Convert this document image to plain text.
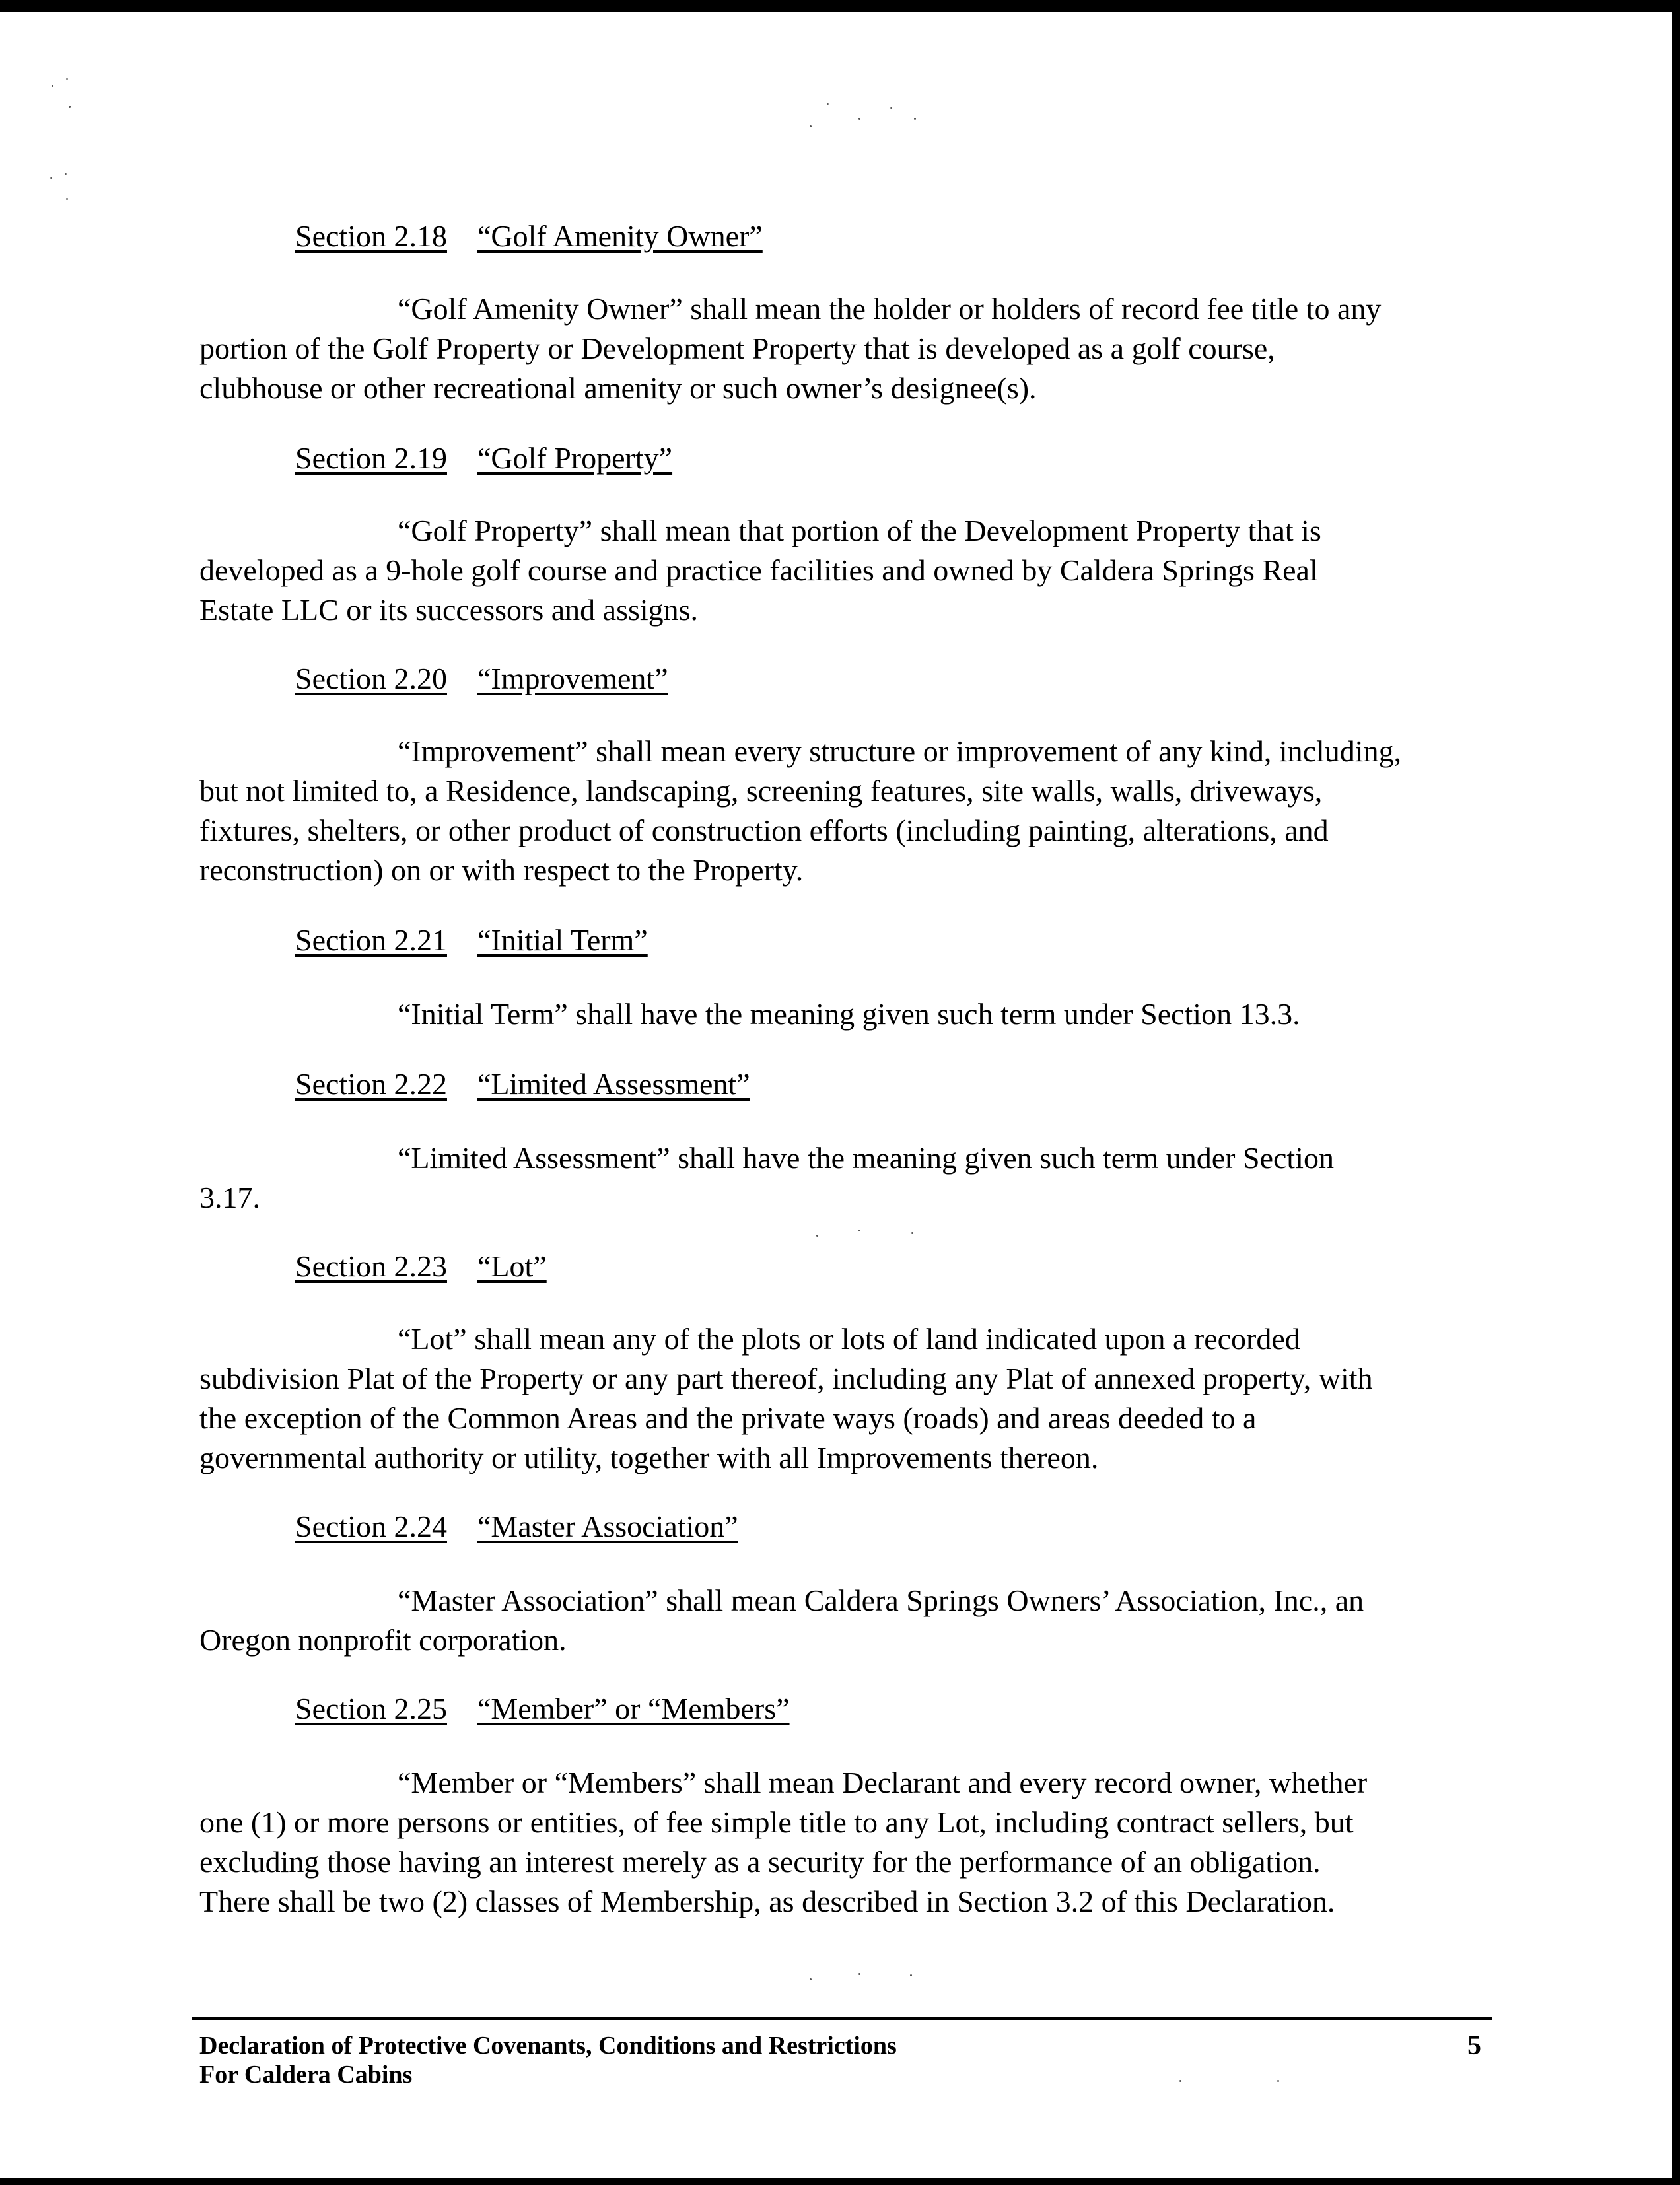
Section 2.18 “Golf Amenity Owner”
“Golf Amenity Owner” shall mean the holder or holders of record fee title to any
portion of the Golf Property or Development Property that is developed as a golf course,
clubhouse or other recreational amenity or such owner’s designee(s).
Section 2.19 “Golf Property”
“Golf Property” shall mean that portion of the Development Property that is
developed as a 9-hole golf course and practice facilities and owned by Caldera Springs Real
Estate LLC or its successors and assigns.
Section 2.20 “Improvement”
“Improvement” shall mean every structure or improvement of any kind, including,
but not limited to, a Residence, landscaping, screening features, site walls, walls, driveways,
fixtures, shelters, or other product of construction efforts (including painting, alterations, and
reconstruction) on or with respect to the Property.
Section 2.21 “Initial Term”
“Initial Term” shall have the meaning given such term under Section 13.3.
Section 2.22 “Limited Assessment”
“Limited Assessment” shall have the meaning given such term under Section
3.17.
Section 2.23 “Lot”
“Lot” shall mean any of the plots or lots of land indicated upon a recorded
subdivision Plat of the Property or any part thereof, including any Plat of annexed property, with
the exception of the Common Areas and the private ways (roads) and areas deeded to a
governmental authority or utility, together with all Improvements thereon.
Section 2.24 “Master Association”
“Master Association” shall mean Caldera Springs Owners’ Association, Inc., an
Oregon nonprofit corporation.
Section 2.25 “Member” or “Members”
“Member or “Members” shall mean Declarant and every record owner, whether
one (1) or more persons or entities, of fee simple title to any Lot, including contract sellers, but
excluding those having an interest merely as a security for the performance of an obligation.
There shall be two (2) classes of Membership, as described in Section 3.2 of this Declaration.
Declaration of Protective Covenants, Conditions and Restrictions
For Caldera Cabins
5
